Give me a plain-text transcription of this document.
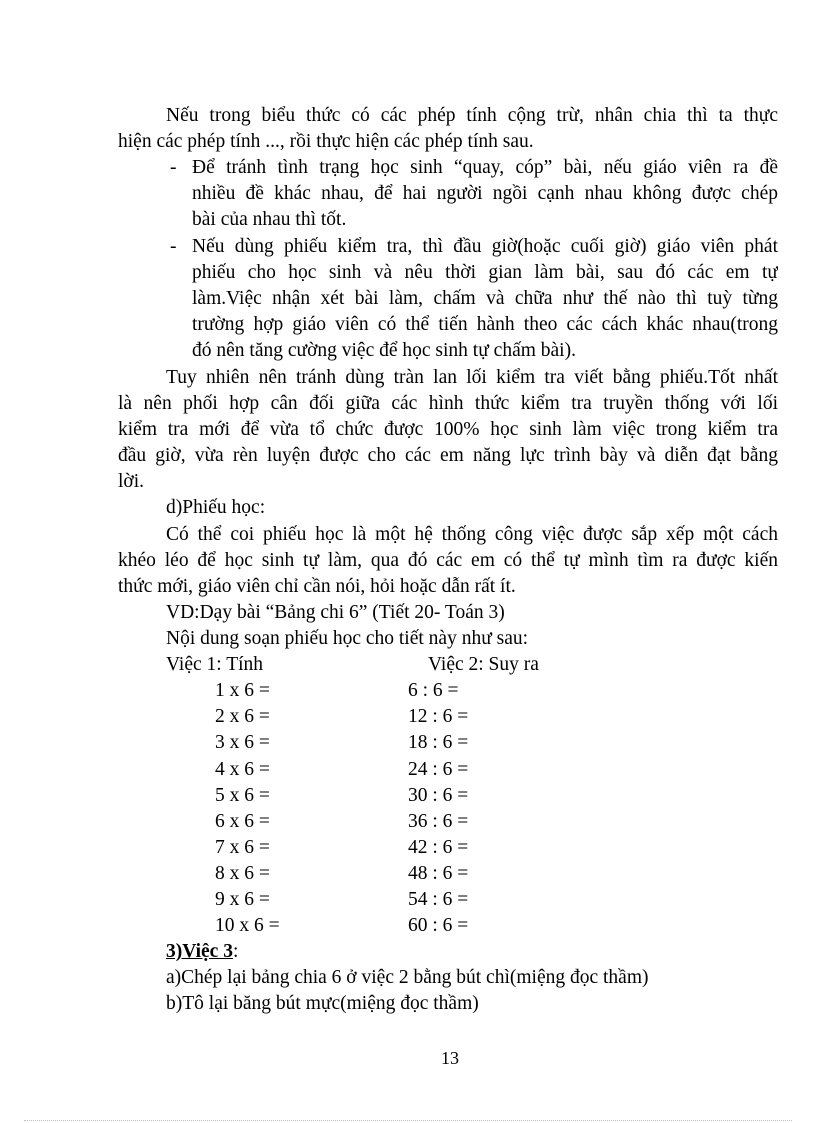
Nếu trong biểu thức có các phép tính cộng trừ, nhân chia thì ta thực
hiện các phép tính ..., rồi thực hiện các phép tính sau.
- Để tránh tình trạng học sinh “quay, cóp” bài, nếu giáo viên ra đề
nhiều đề khác nhau, để hai người ngồi cạnh nhau không được chép
bài của nhau thì tốt.
- Nếu dùng phiếu kiểm tra, thì đầu giờ(hoặc cuối giờ) giáo viên phát
phiếu cho học sinh và nêu thời gian làm bài, sau đó các em tự
làm.Việc nhận xét bài làm, chấm và chữa như thế nào thì tuỳ từng
trường hợp giáo viên có thể tiến hành theo các cách khác nhau(trong
đó nên tăng cường việc để học sinh tự chấm bài).
Tuy nhiên nên tránh dùng tràn lan lối kiểm tra viết bằng phiếu.Tốt nhất
là nên phối hợp cân đối giữa các hình thức kiểm tra truyền thống với lối
kiểm tra mới để vừa tổ chức được 100% học sinh làm việc trong kiểm tra
đầu giờ, vừa rèn luyện được cho các em năng lực trình bày và diễn đạt bằng
lời.
d)Phiếu học:
Có thể coi phiếu học là một hệ thống công việc được sắp xếp một cách
khéo léo để học sinh tự làm, qua đó các em có thể tự mình tìm ra được kiến
thức mới, giáo viên chỉ cần nói, hỏi hoặc dẫn rất ít.
VD:Dạy bài “Bảng chi 6” (Tiết 20- Toán 3)
Nội dung soạn phiếu học cho tiết này như sau:
Việc 1: Tính	Việc 2: Suy ra
1 x 6 =
2 x 6 =
3 x 6 =
4 x 6 =
5 x 6 =
6 x 6 =
7 x 6 =
8 x 6 =
9 x 6 =
10 x 6 =
6 : 6 =
12 : 6 =
18 : 6 =
24 : 6 =
30 : 6 =
36 : 6 =
42 : 6 =
48 : 6 =
54 : 6 =
60 : 6 =
3)Việc 3:
a)Chép lại bảng chia 6 ở việc 2 bằng bút chì(miệng đọc thầm)
b)Tô lại băng bút mực(miệng đọc thầm)
13
